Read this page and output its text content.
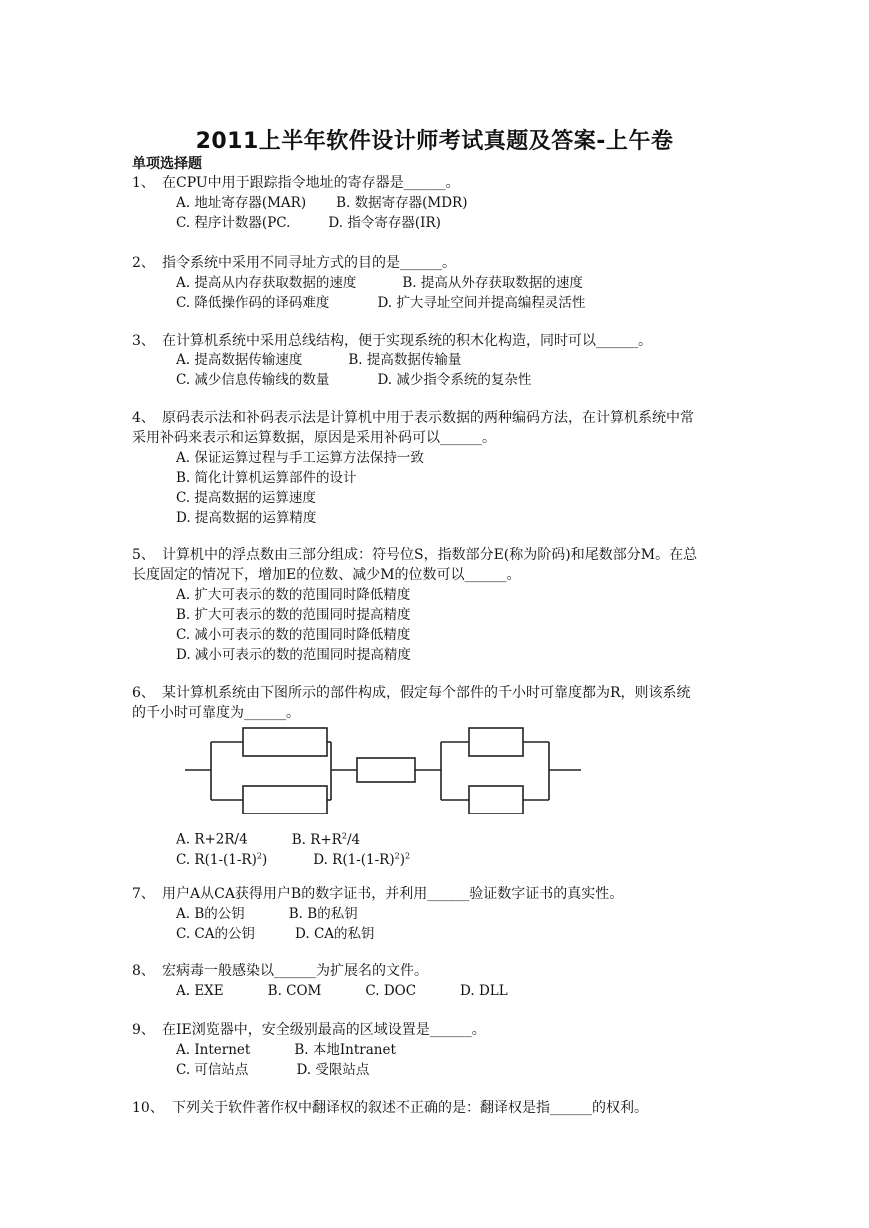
2011上半年软件设计师考试真题及答案-上午卷
单项选择题
1、 在CPU中用于跟踪指令地址的寄存器是______。
A. 地址寄存器(MAR) B. 数据寄存器(MDR)
C. 程序计数器(PC.	D. 指令寄存器(IR)
2、 指令系统中采用不同寻址方式的目的是______。
A. 提高从内存获取数据的速度	B. 提高从外存获取数据的速度
C. 降低操作码的译码难度	D. 扩大寻址空间并提高编程灵活性
3、 在计算机系统中采用总线结构，便于实现系统的积木化构造，同时可以______。
A. 提高数据传输速度	B. 提高数据传输量
C. 减少信息传输线的数量	D. 减少指令系统的复杂性
4、 原码表示法和补码表示法是计算机中用于表示数据的两种编码方法，在计算机系统中常
采用补码来表示和运算数据，原因是采用补码可以______。
A. 保证运算过程与手工运算方法保持一致
B. 简化计算机运算部件的设计
C. 提高数据的运算速度
D. 提高数据的运算精度
5、 计算机中的浮点数由三部分组成：符号位S，指数部分E(称为阶码)和尾数部分M。在总
长度固定的情况下，增加E的位数、减少M的位数可以______。
A. 扩大可表示的数的范围同时降低精度
B. 扩大可表示的数的范围同时提高精度
C. 减小可表示的数的范围同时降低精度
D. 减小可表示的数的范围同时提高精度
6、 某计算机系统由下图所示的部件构成，假定每个部件的千小时可靠度都为R，则该系统
的千小时可靠度为______。
A. R+2R/4	B. $R+R^2/4$
C. $R(1-(1-R)^2)$	D. $R(1-(1-R)^2)^2$
7、 用户A从CA获得用户B的数字证书，并利用______验证数字证书的真实性。
A. B的公钥	B. B的私钥
C. CA的公钥	D. CA的私钥
8、 宏病毒一般感染以______为扩展名的文件。
A. EXE	B. COM	C. DOC	D. DLL
9、 在IE浏览器中，安全级别最高的区域设置是______。
A. Internet	B. 本地Intranet
C. 可信站点	D. 受限站点
10、 下列关于软件著作权中翻译权的叙述不正确的是：翻译权是指______的权利。
